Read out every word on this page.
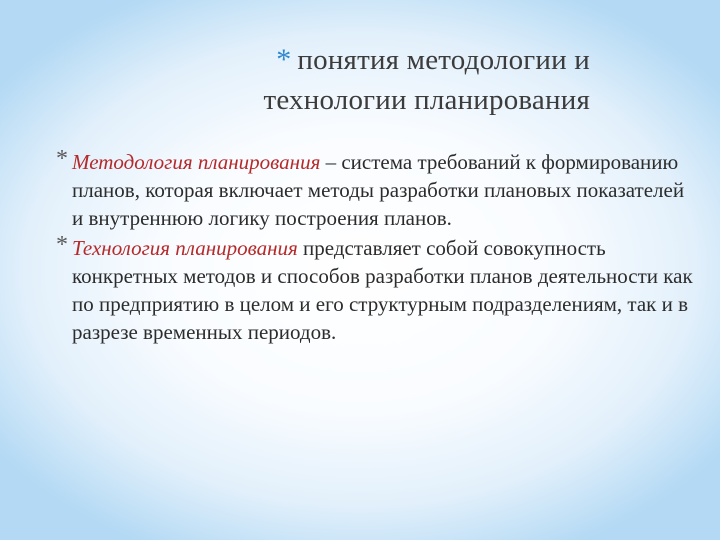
* понятия методологии и
технологии планирования
* Методология планирования – система требований к формированию планов, которая включает методы разработки плановых показателей и внутреннюю логику построения планов.
* Технология планирования представляет собой совокупность конкретных методов и способов разработки планов деятельности как по предприятию в целом и его структурным подразделениям, так и в разрезе временных периодов.
